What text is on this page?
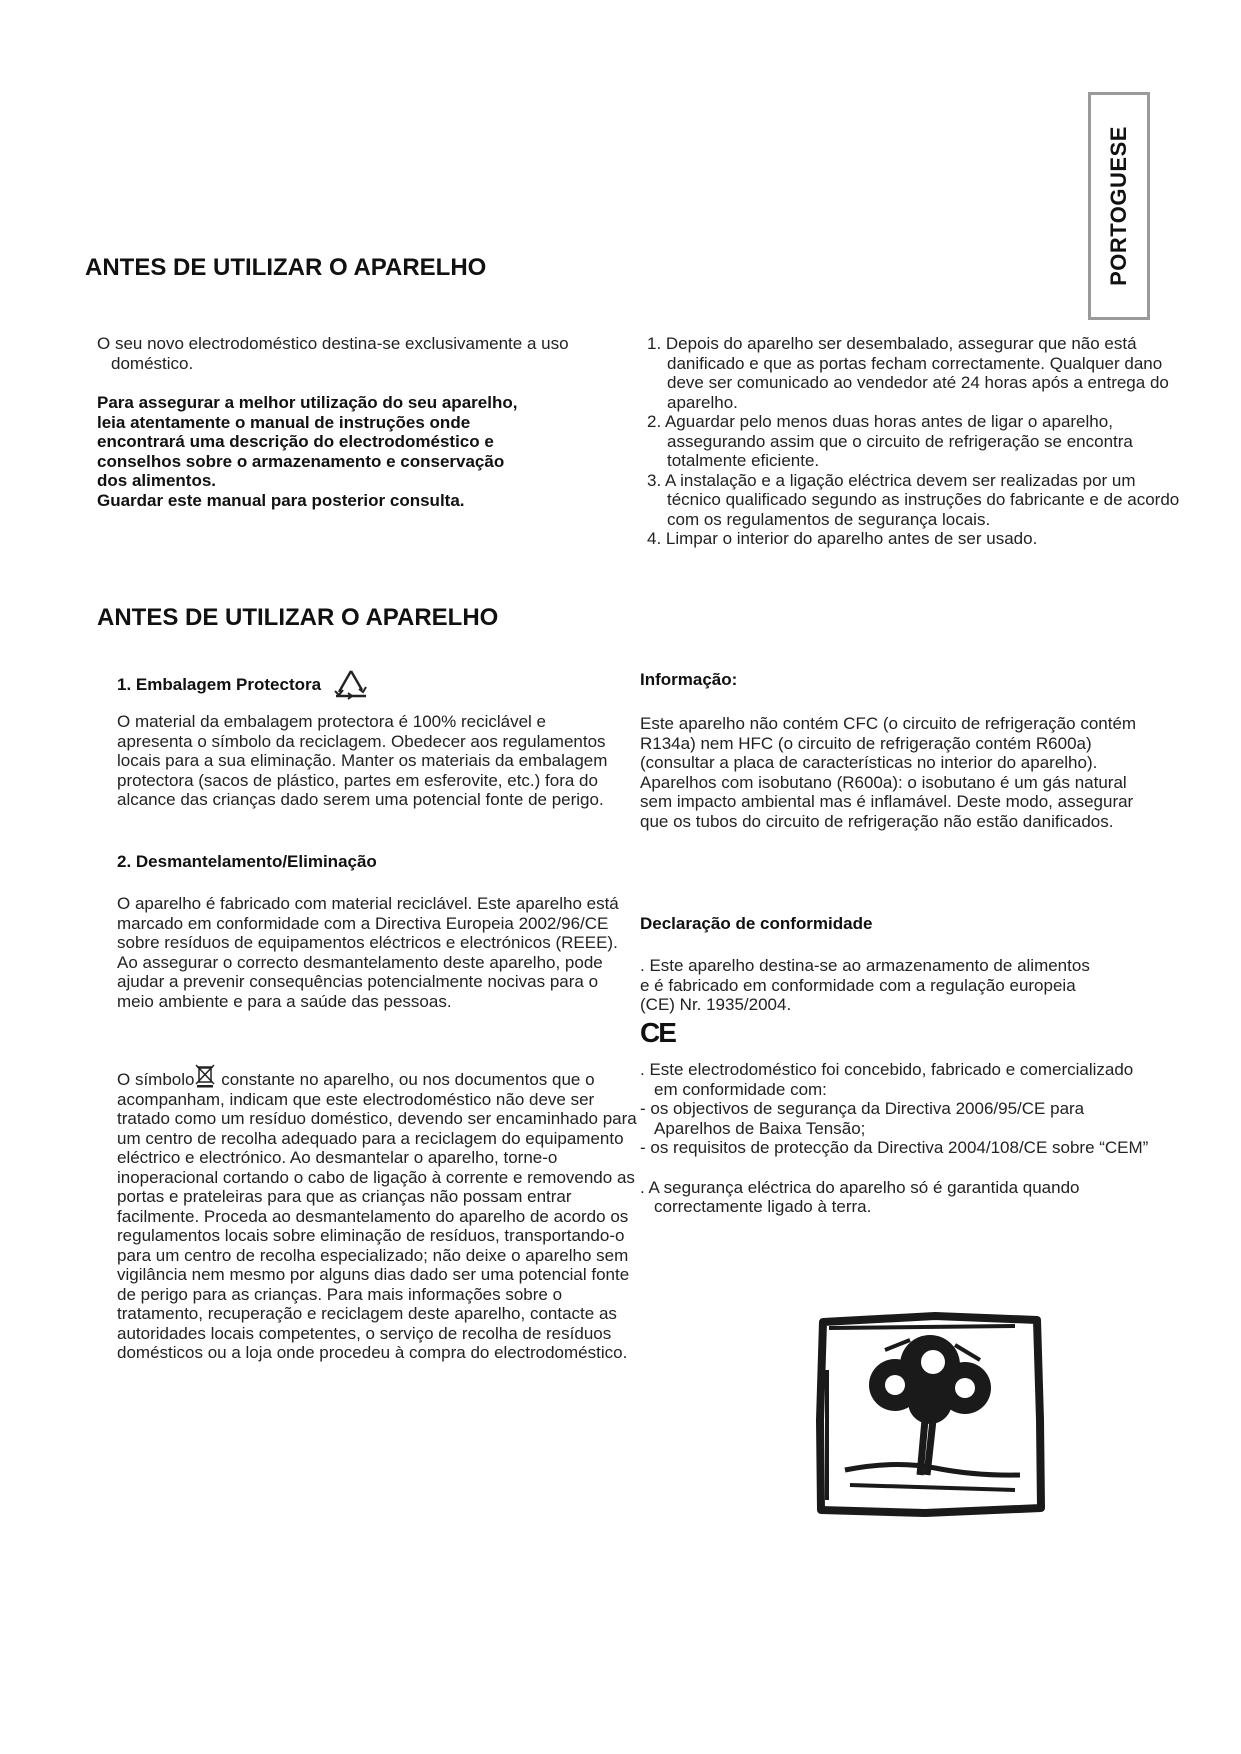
PORTOGUESE
ANTES DE UTILIZAR O APARELHO

O seu novo electrodoméstico destina-se exclusivamente a uso doméstico.

Para assegurar a melhor utilização do seu aparelho,

leia atentamente o manual de instruções onde

encontrará uma descrição do electrodoméstico e

conselhos sobre o armazenamento e conservação

dos alimentos.

Guardar este manual para posterior consulta.

1. Depois do aparelho ser desembalado, assegurar que não está danificado e que as portas fecham correctamente. Qualquer dano deve ser comunicado ao vendedor até 24 horas após a entrega do aparelho.
2. Aguardar pelo menos duas horas antes de ligar o aparelho, assegurando assim que o circuito de refrigeração se encontra totalmente eficiente.
3. A instalação e a ligação eléctrica devem ser realizadas por um técnico qualificado segundo as instruções do fabricante e de acordo com os regulamentos de segurança locais.
4. Limpar o interior do aparelho antes de ser usado.
ANTES DE UTILIZAR O APARELHO
1. Embalagem Protectora
O material da embalagem protectora é 100% reciclável e apresenta o símbolo da reciclagem. Obedecer aos regulamentos locais para a sua eliminação. Manter os materiais da embalagem protectora (sacos de plástico, partes em esferovite, etc.) fora do alcance das crianças dado serem uma potencial fonte de perigo.
2. Desmantelamento/Eliminação
O aparelho é fabricado com material reciclável. Este aparelho está marcado em conformidade com a Directiva Europeia 2002/96/CE sobre resíduos de equipamentos eléctricos e electrónicos (REEE). Ao assegurar o correcto desmantelamento deste aparelho, pode ajudar a prevenir consequências potencialmente nocivas para o meio ambiente e para a saúde das pessoas.
O símbolo constante no aparelho, ou nos documentos que o acompanham, indicam que este electrodoméstico não deve ser tratado como um resíduo doméstico, devendo ser encaminhado para um centro de recolha adequado para a reciclagem do equipamento eléctrico e electrónico. Ao desmantelar o aparelho, torne-o inoperacional cortando o cabo de ligação à corrente e removendo as portas e prateleiras para que as crianças não possam entrar facilmente. Proceda ao desmantelamento do aparelho de acordo os regulamentos locais sobre eliminação de resíduos, transportando-o para um centro de recolha especializado; não deixe o aparelho sem vigilância nem mesmo por alguns dias dado ser uma potencial fonte de perigo para as crianças. Para mais informações sobre o tratamento, recuperação e reciclagem deste aparelho, contacte as autoridades locais competentes, o serviço de recolha de resíduos domésticos ou a loja onde procedeu à compra do electrodoméstico.
Informação:
Este aparelho não contém CFC (o circuito de refrigeração contém R134a) nem HFC (o circuito de refrigeração contém R600a) (consultar a placa de características no interior do aparelho). Aparelhos com isobutano (R600a): o isobutano é um gás natural sem impacto ambiental mas é inflamável. Deste modo, assegurar que os tubos do circuito de refrigeração não estão danificados.
Declaração de conformidade
. Este aparelho destina-se ao armazenamento de alimentos e é fabricado em conformidade com a regulação europeia (CE) Nr. 1935/2004.
CE

. Este electrodoméstico foi concebido, fabricado e comercializado em conformidade com:

- os objectivos de segurança da Directiva 2006/95/CE para Aparelhos de Baixa Tensão;

- os requisitos de protecção da Directiva 2004/108/CE sobre “CEM”

. A segurança eléctrica do aparelho só é garantida quando correctamente ligado à terra.
